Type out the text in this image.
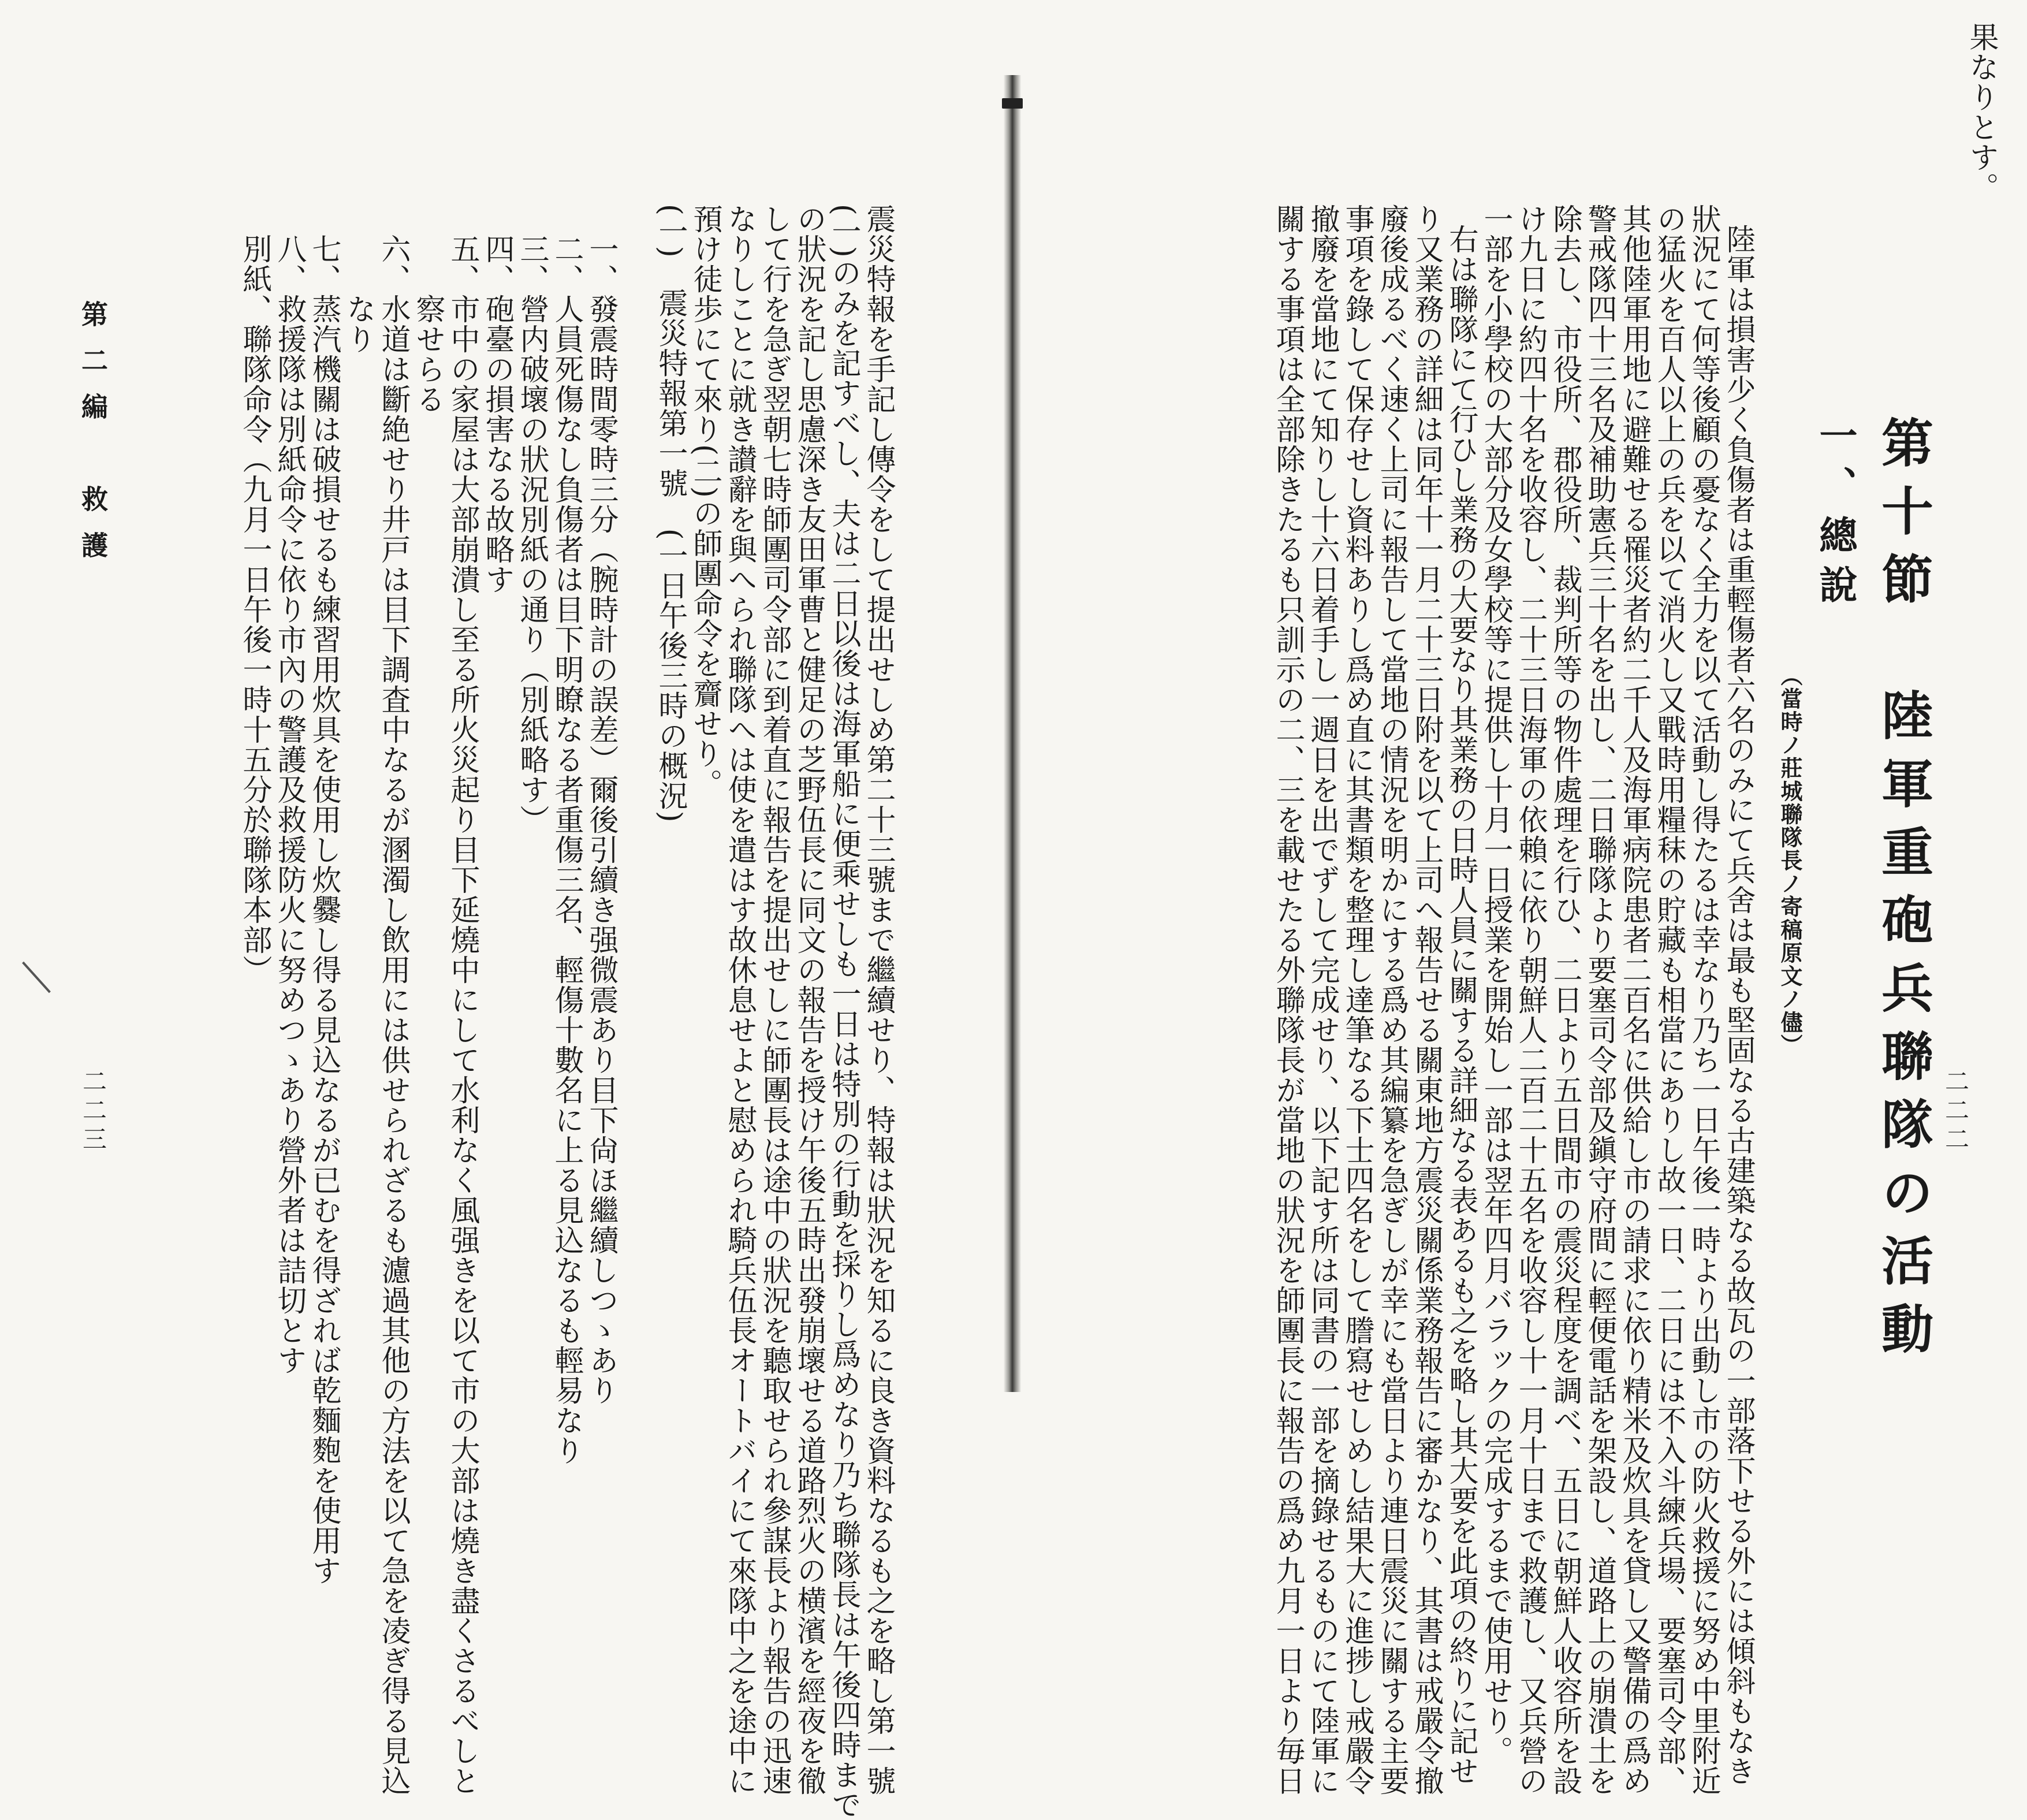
二二二
果なりとす。
第十節　陸軍重砲兵聯隊の活動
一、總說
（當時ノ莊城聯隊長ノ寄稿原文ノ儘）
陸軍は損害少く負傷者は重輕傷者六名のみにて兵舍は最も堅固なる古建築なる故瓦の一部落下せる外には傾斜もなき
狀況にて何等後顧の憂なく全力を以て活動し得たるは幸なり乃ち一日午後一時より出動し市の防火救援に努め中里附近
の猛火を百人以上の兵を以て消火し又戰時用糧秣の貯藏も相當にありし故一日、二日には不入斗練兵場、要塞司令部、
其他陸軍用地に避難せる罹災者約二千人及海軍病院患者二百名に供給し市の請求に依り精米及炊具を貸し又警備の爲め
警戒隊四十三名及補助憲兵三十名を出し、二日聯隊より要塞司令部及鎭守府間に輕便電話を架設し、道路上の崩潰土を
除去し、市役所、郡役所、裁判所等の物件處理を行ひ、二日より五日間市の震災程度を調べ、五日に朝鮮人收容所を設
け九日に約四十名を收容し、二十三日海軍の依賴に依り朝鮮人二百二十五名を收容し十一月十日まで救護し、又兵營の
一部を小學校の大部分及女學校等に提供し十月一日授業を開始し一部は翌年四月バラックの完成するまで使用せり。
右は聯隊にて行ひし業務の大要なり其業務の日時人員に關する詳細なる表あるも之を略し其大要を此項の終りに記せ
り又業務の詳細は同年十一月二十三日附を以て上司へ報告せる關東地方震災關係業務報告に審かなり、其書は戒嚴令撤
廢後成るべく速く上司に報告して當地の情況を明かにする爲め其編纂を急ぎしが幸にも當日より連日震災に關する主要
事項を錄して保存せし資料ありし爲め直に其書類を整理し達筆なる下士四名をして謄寫せしめし結果大に進捗し戒嚴令
撤廢を當地にて知りし十六日着手し一週日を出でずして完成せり、以下記す所は同書の一部を摘錄せるものにて陸軍に
關する事項は全部除きたるも只訓示の二、三を載せたる外聯隊長が當地の狀況を師團長に報告の爲め九月一日より毎日
震災特報を手記し傳令をして提出せしめ第二十三號まで繼續せり、特報は狀況を知るに良き資料なるも之を略し第一號
(一)のみを記すべし、夫は二日以後は海軍船に便乘せしも一日は特別の行動を採りし爲めなり乃ち聯隊長は午後四時まで
の狀況を記し思慮深き友田軍曹と健足の芝野伍長に同文の報告を授け午後五時出發崩壞せる道路烈火の横濱を經夜を徹
して行を急ぎ翌朝七時師團司令部に到着直に報告を提出せしに師團長は途中の狀況を聽取せられ參謀長より報告の迅速
なりしことに就き讃辭を與へられ聯隊へは使を遣はす故休息せよと慰められ騎兵伍長オートバイにて來隊中之を途中に
預け徒歩にて來り(二)の師團命令を齎せり。
(一)　震災特報第一號　(一日午後三時の概況)
一、發震時間零時三分（腕時計の誤差）爾後引續き强微震あり目下尙ほ繼續しつゝあり
二、人員死傷なし負傷者は目下明瞭なる者重傷三名、輕傷十數名に上る見込なるも輕易なり
三、營内破壞の狀況別紙の通り（別紙略す）
四、砲臺の損害なる故略す
五、市中の家屋は大部崩潰し至る所火災起り目下延燒中にして水利なく風强きを以て市の大部は燒き盡くさるべしと
　　察せらる
六、水道は斷絶せり井戸は目下調査中なるが溷濁し飲用には供せられざるも濾過其他の方法を以て急を凌ぎ得る見込
　　なり
七、蒸汽機關は破損せるも練習用炊具を使用し炊爨し得る見込なるが已むを得ざれば乾麵麭を使用す
八、救援隊は別紙命令に依り市內の警護及救援防火に努めつゝあり營外者は詰切とす
別紙、聯隊命令（九月一日午後一時十五分於聯隊本部）
第二編　救護
二二三
